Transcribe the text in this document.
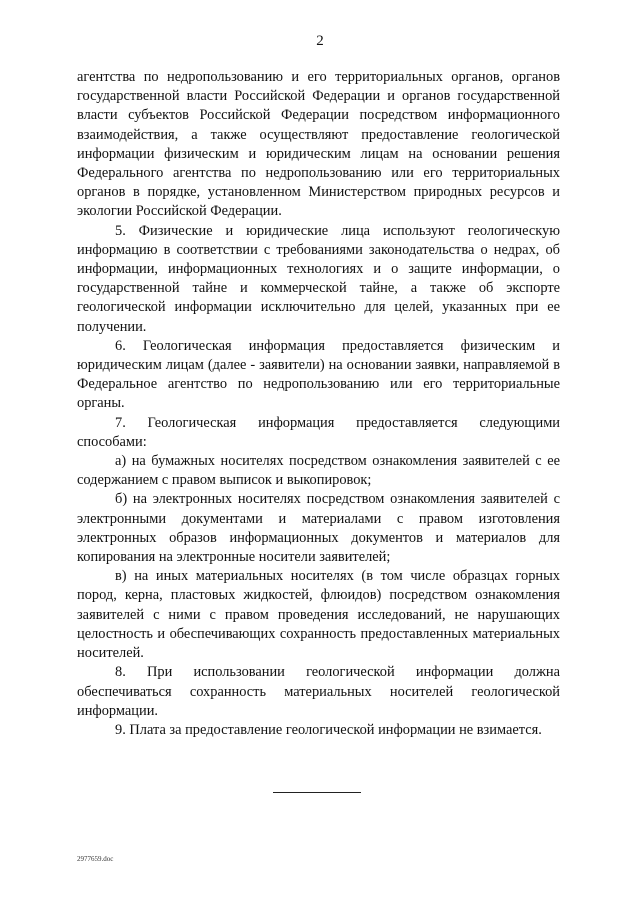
2

агентства по недропользованию и его территориальных органов, органов государственной власти Российской Федерации и органов государственной власти субъектов Российской Федерации посредством информационного взаимодействия, а также осуществляют предоставление геологической информации физическим и юридическим лицам на основании решения Федерального агентства по недропользованию или его территориальных органов в порядке, установленном Министерством природных ресурсов и экологии Российской Федерации.

5. Физические и юридические лица используют геологическую информацию в соответствии с требованиями законодательства о недрах, об информации, информационных технологиях и о защите информации, о государственной тайне и коммерческой тайне, а также об экспорте геологической информации исключительно для целей, указанных при ее получении.

6. Геологическая информация предоставляется физическим и юридическим лицам (далее - заявители) на основании заявки, направляемой в Федеральное агентство по недропользованию или его территориальные органы.

7. Геологическая информация предоставляется следующими способами:

а) на бумажных носителях посредством ознакомления заявителей с ее содержанием с правом выписок и выкопировок;

б) на электронных носителях посредством ознакомления заявителей с электронными документами и материалами с правом изготовления электронных образов информационных документов и материалов для копирования на электронные носители заявителей;

в) на иных материальных носителях (в том числе образцах горных пород, керна, пластовых жидкостей, флюидов) посредством ознакомления заявителей с ними с правом проведения исследований, не нарушающих целостность и обеспечивающих сохранность предоставленных материальных носителей.

8. При использовании геологической информации должна обеспечиваться сохранность материальных носителей геологической информации.

9. Плата за предоставление геологической информации не взимается.

2977659.doc
